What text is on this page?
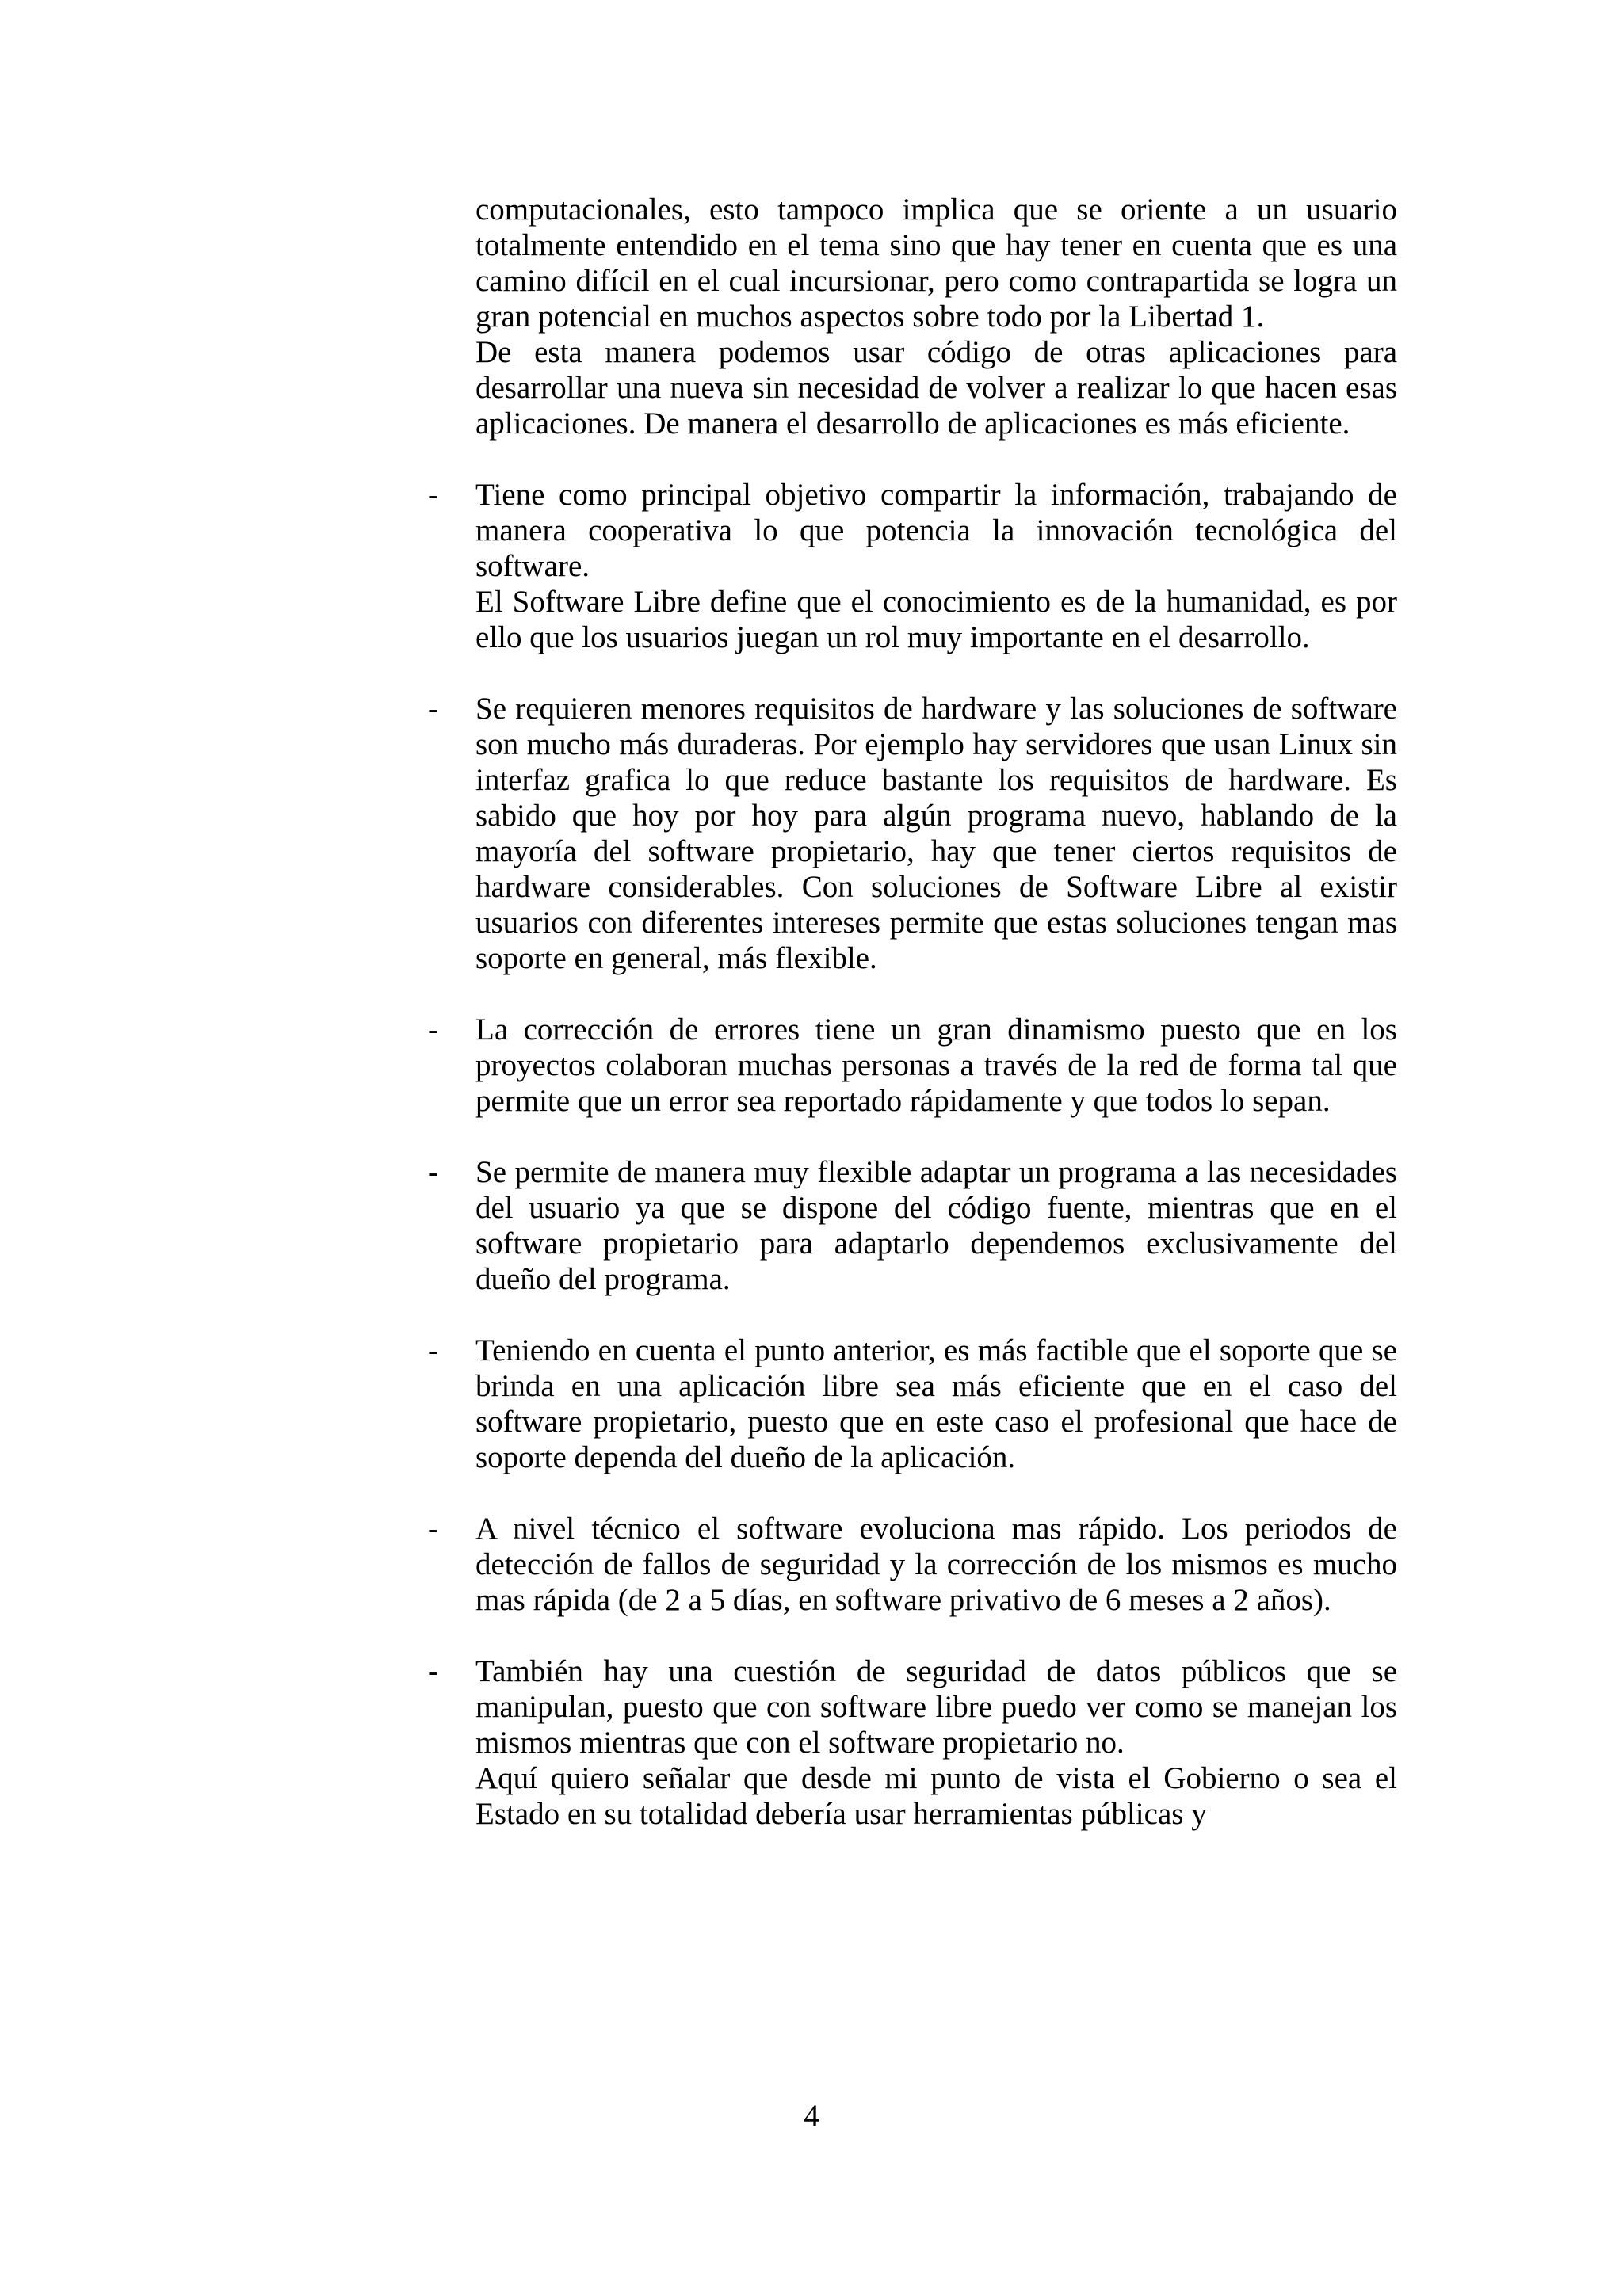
computacionales, esto tampoco implica que se oriente a un usuario totalmente entendido en el tema sino que hay tener en cuenta que es una camino difícil en el cual incursionar, pero como contrapartida se logra un gran potencial en muchos aspectos sobre todo por la Libertad 1.

De esta manera podemos usar código de otras aplicaciones para desarrollar una nueva sin necesidad de volver a realizar lo que hacen esas aplicaciones. De manera el desarrollo de aplicaciones es más eficiente.

- Tiene como principal objetivo compartir la información, trabajando de manera cooperativa lo que potencia la innovación tecnológica del software.

El Software Libre define que el conocimiento es de la humanidad, es por ello que los usuarios juegan un rol muy importante en el desarrollo.

- Se requieren menores requisitos de hardware y las soluciones de software son mucho más duraderas. Por ejemplo hay servidores que usan Linux sin interfaz grafica lo que reduce bastante los requisitos de hardware. Es sabido que hoy por hoy para algún programa nuevo, hablando de la mayoría del software propietario, hay que tener ciertos requisitos de hardware considerables. Con soluciones de Software Libre al existir usuarios con diferentes intereses permite que estas soluciones tengan mas soporte en general, más flexible.

- La corrección de errores tiene un gran dinamismo puesto que en los proyectos colaboran muchas personas a través de la red de forma tal que permite que un error sea reportado rápidamente y que todos lo sepan.

- Se permite de manera muy flexible adaptar un programa a las necesidades del usuario ya que se dispone del código fuente, mientras que en el software propietario para adaptarlo dependemos exclusivamente del dueño del programa.

- Teniendo en cuenta el punto anterior, es más factible que el soporte que se brinda en una aplicación libre sea más eficiente que en el caso del software propietario, puesto que en este caso el profesional que hace de soporte dependa del dueño de la aplicación.

- A nivel técnico el software evoluciona mas rápido. Los periodos de detección de fallos de seguridad y la corrección de los mismos es mucho mas rápida (de 2 a 5 días, en software privativo de 6 meses a 2 años).

- También hay una cuestión de seguridad de datos públicos que se manipulan, puesto que con software libre puedo ver como se manejan los mismos mientras que con el software propietario no.

Aquí quiero señalar que desde mi punto de vista el Gobierno o sea el Estado en su totalidad debería usar herramientas públicas y

4
